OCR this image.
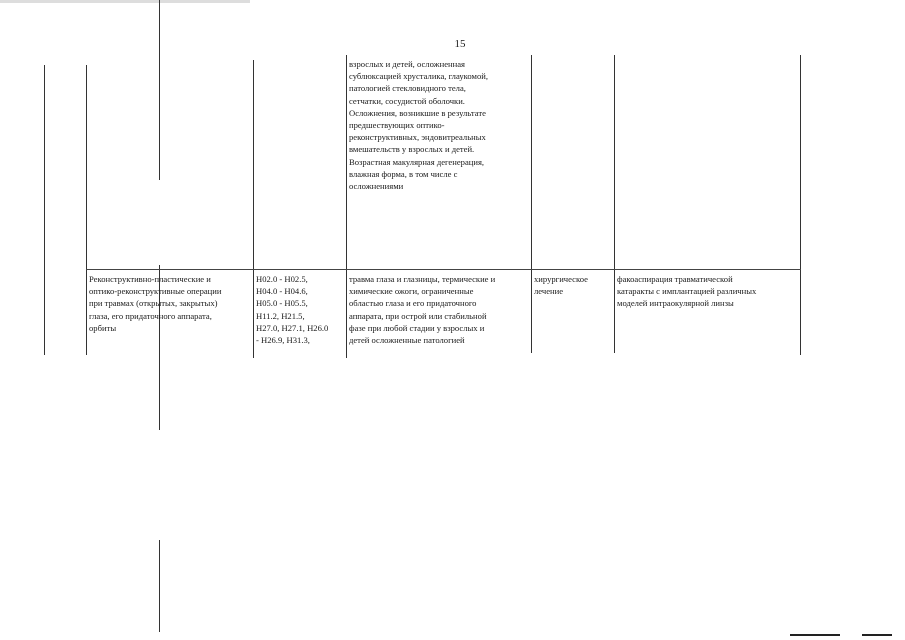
15
взрослых и детей, осложненная
сублюксацией хрусталика, глаукомой,
патологией стекловидного тела,
сетчатки, сосудистой оболочки.
Осложнения, возникшие в результате
предшествующих оптико-
реконструктивных, эндовитреальных
вмешательств у взрослых и детей.
Возрастная макулярная дегенерация,
влажная форма, в том числе с
осложнениями
Реконструктивно-пластические и
оптико-реконструктивные операции
при травмах (открытых, закрытых)
глаза, его придаточного аппарата,
орбиты
H02.0 - H02.5,
H04.0 - H04.6,
H05.0 - H05.5,
H11.2, H21.5,
H27.0, H27.1, H26.0
- H26.9, H31.3,
травма глаза и глазницы, термические и
химические ожоги, ограниченные
областью глаза и его придаточного
аппарата, при острой или стабильной
фазе при любой стадии у взрослых и
детей осложненные патологией
хирургическое
лечение
факоаспирация травматической
катаракты с имплантацией различных
моделей интраокулярной линзы
